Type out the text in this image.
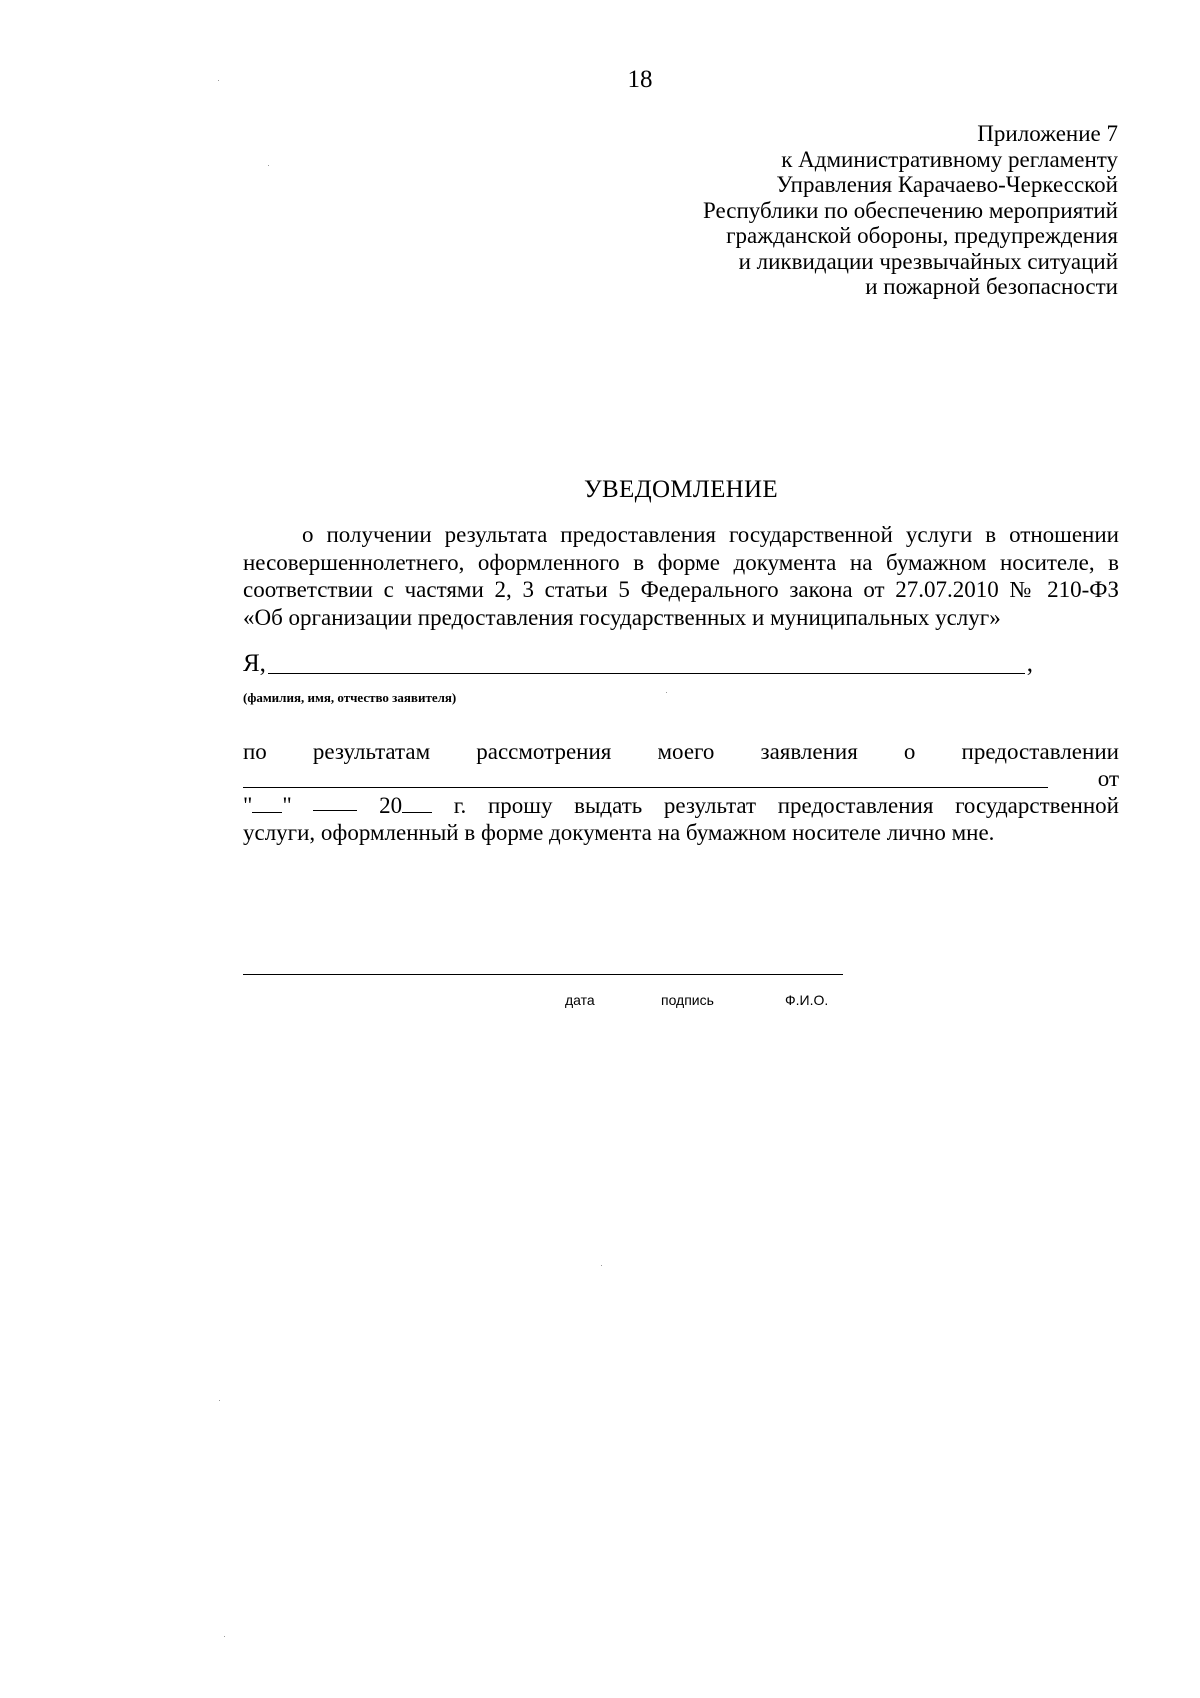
18
Приложение 7
к Административному регламенту
Управления Карачаево-Черкесской
Республики по обеспечению мероприятий
гражданской обороны, предупреждения
и ликвидации чрезвычайных ситуаций
и пожарной безопасности
УВЕДОМЛЕНИЕ
о получении результата предоставления государственной услуги в отношении
несовершеннолетнего, оформленного в форме документа на бумажном носителе, в
соответствии с частями 2, 3 статьи 5 Федерального закона от 27.07.2010 № 210-ФЗ
«Об организации предоставления государственных и муниципальных услуг»
Я,	,
(фамилия, имя, отчество заявителя)
по результатам рассмотрения моего заявления о предоставлении
от
" "	20	г. прошу выдать результат предоставления государственной
услуги, оформленный в форме документа на бумажном носителе лично мне.
дата	подпись	Ф.И.О.
